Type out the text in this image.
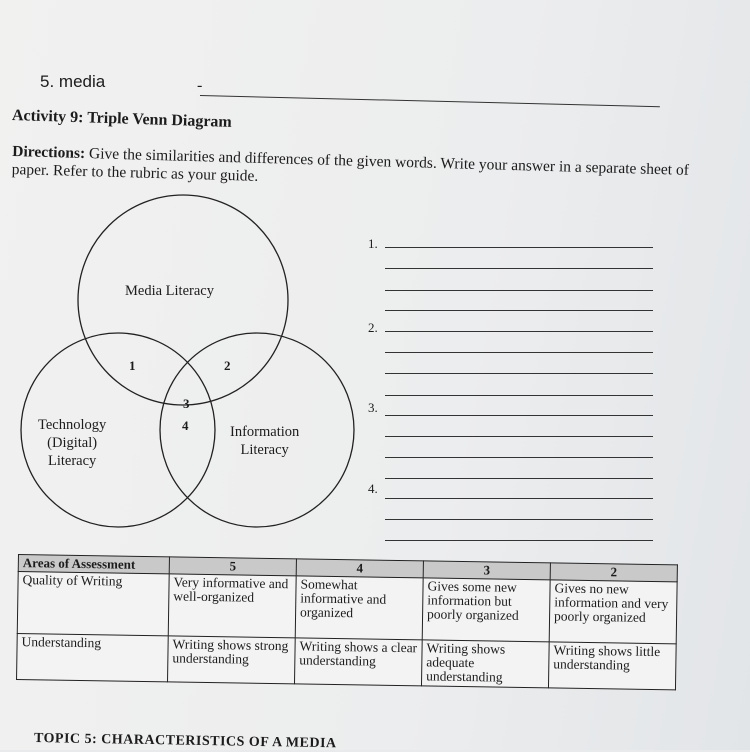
5. media	-
Activity 9: Triple Venn Diagram
Directions: Give the similarities and differences of the given words. Write your answer in a separate sheet of paper. Refer to the rubric as your guide.
Media Literacy
Technology
(Digital)
Literacy
Information
Literacy
1	2
3
4
1.
2.
3.
4.
Areas of Assessment	5	4	3	2
Quality of Writing	Very informative and well-organized	Somewhat informative and organized	Gives some new information but poorly organized	Gives no new information and very poorly organized
Understanding	Writing shows strong understanding	Writing shows a clear understanding	Writing shows adequate understanding	Writing shows little understanding
TOPIC 5: CHARACTERISTICS OF A MEDIA
